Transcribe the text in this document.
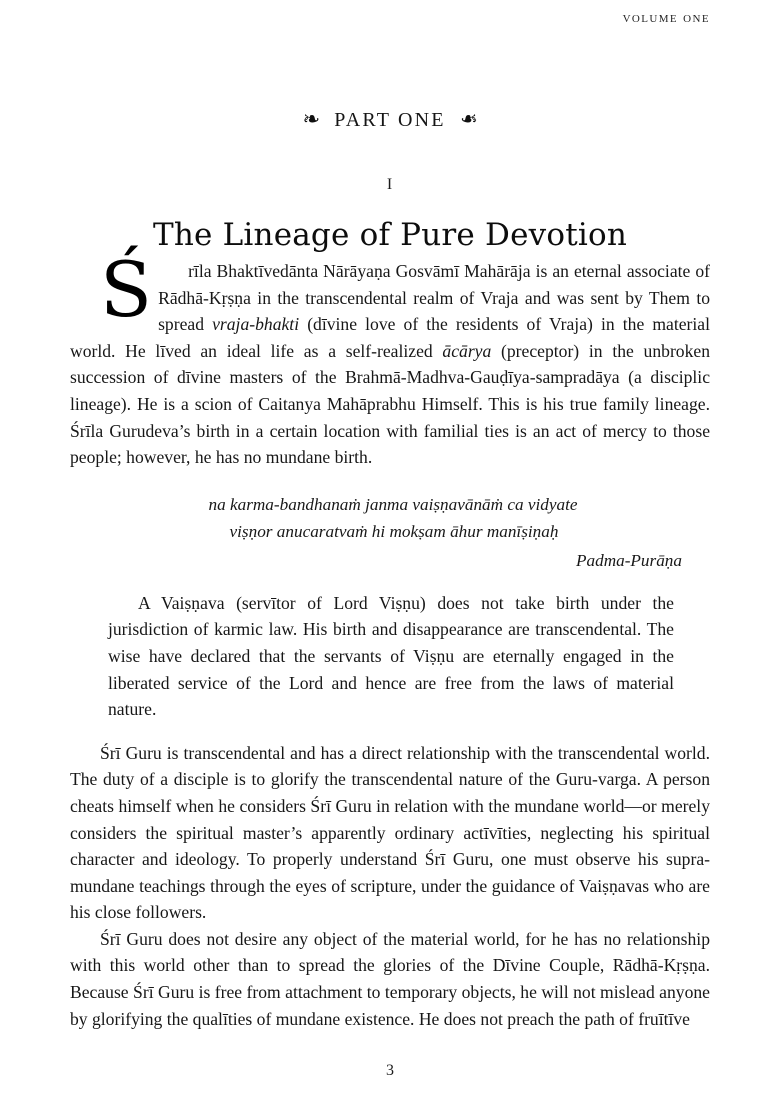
volume one
❧ PART ONE ❧
I
The Lineage of Pure Devotion

Ś	rīla Bhaktīvedānta Nārāyaṇa Gosvāmī Mahārāja is an eternal associate of Rādhā-Kṛṣṇa in the transcendental realm of Vraja and was sent by Them to spread vraja-bhakti (dīvine love of the residents of Vraja) in the material world. He līved an ideal life as a self-realized ācārya (preceptor) in the unbroken succession of dīvine masters of the Brahmā-Madhva-Gauḍīya-sampradāya (a disciplic lineage). He is a scion of Caitanya Mahāprabhu Himself. This is his true family lineage. Śrīla Gurudeva’s birth in a certain location with familial ties is an act of mercy to those people; however, he has no mundane birth.

na karma-bandhanaṁ janma vaiṣṇavānāṁ ca vidyate
viṣṇor anucaratvaṁ hi mokṣam āhur manīṣiṇaḥ
Padma-Purāṇa

A Vaiṣṇava (servītor of Lord Viṣṇu) does not take birth under the jurisdiction of karmic law. His birth and disappearance are transcendental. The wise have declared that the servants of Viṣṇu are eternally engaged in the liberated service of the Lord and hence are free from the laws of material nature.

Śrī Guru is transcendental and has a direct relationship with the transcendental world. The duty of a disciple is to glorify the transcendental nature of the Guru-varga. A person cheats himself when he considers Śrī Guru in relation with the mundane world—or merely considers the spiritual master’s apparently ordinary actīvīties, neglecting his spiritual character and ideology. To properly understand Śrī Guru, one must observe his supra-mundane teachings through the eyes of scripture, under the guidance of Vaiṣṇavas who are his close followers.

Śrī Guru does not desire any object of the material world, for he has no relationship with this world other than to spread the glories of the Dīvine Couple, Rādhā-Kṛṣṇa. Because Śrī Guru is free from attachment to temporary objects, he will not mislead anyone by glorifying the qualīties of mundane existence. He does not preach the path of fruītīve

3
